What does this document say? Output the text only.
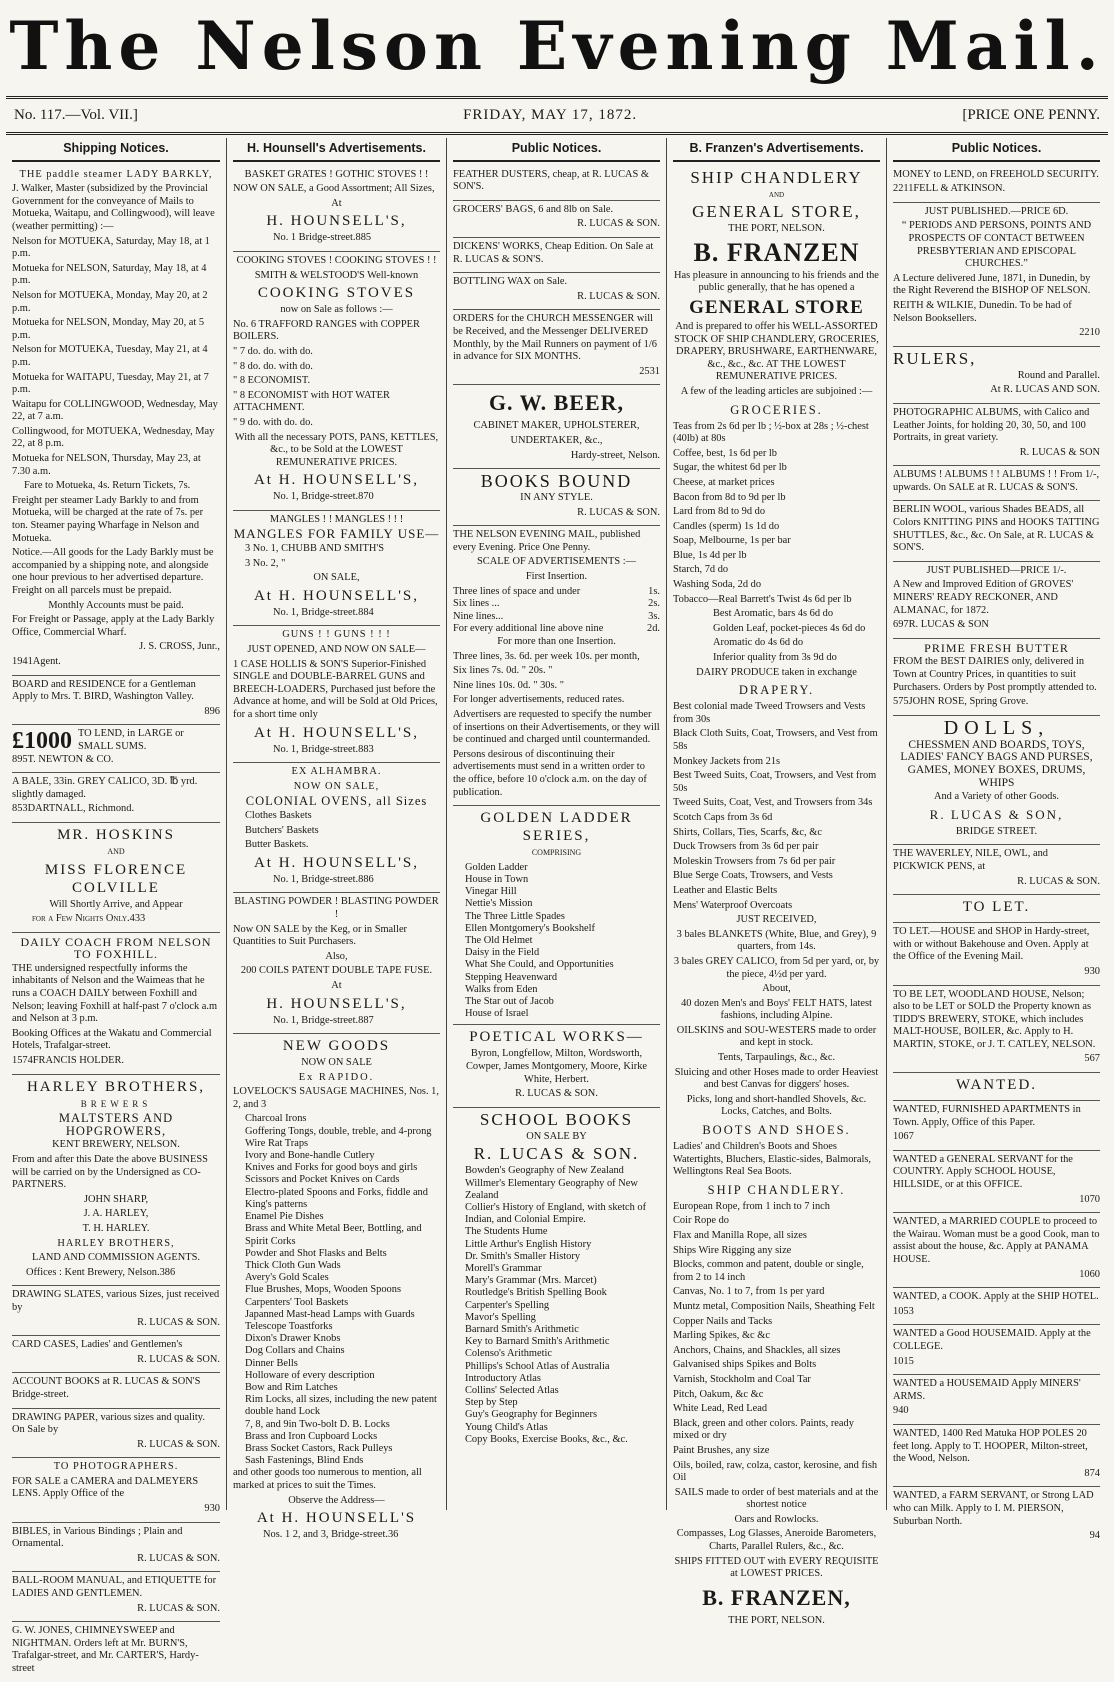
The Nelson Evening Mail.
No. 117.—Vol. VII.]	FRIDAY, MAY 17, 1872.	[PRICE ONE PENNY.
Shipping Notices.

THE paddle steamer LADY BARKLY,

J. Walker, Master (subsidized by the Provincial Government for the conveyance of Mails to Motueka, Waitapu, and Collingwood), will leave (weather permitting) :—

Nelson for MOTUEKA, Saturday, May 18, at 1 p.m.

Motueka for NELSON, Saturday, May 18, at 4 p.m.

Nelson for MOTUEKA, Monday, May 20, at 2 p.m.

Motueka for NELSON, Monday, May 20, at 5 p.m.

Nelson for MOTUEKA, Tuesday, May 21, at 4 p.m.

Motueka for WAITAPU, Tuesday, May 21, at 7 p.m.

Waitapu for COLLINGWOOD, Wednesday, May 22, at 7 a.m.

Collingwood, for MOTUEKA, Wednesday, May 22, at 8 p.m.

Motueka for NELSON, Thursday, May 23, at 7.30 a.m.

Fare to Motueka, 4s. Return Tickets, 7s.

Freight per steamer Lady Barkly to and from Motueka, will be charged at the rate of 7s. per ton. Steamer paying Wharfage in Nelson and Motueka.

Notice.—All goods for the Lady Barkly must be accompanied by a shipping note, and alongside one hour previous to her advertised departure. Freight on all parcels must be prepaid.

Monthly Accounts must be paid.

For Freight or Passage, apply at the Lady Barkly Office, Commercial Wharf.

J. S. CROSS, Junr.,

1941Agent.

BOARD and RESIDENCE for a Gentleman Apply to Mrs. T. BIRD, Washington Valley.

896

£1000 TO LEND, in LARGE or SMALL SUMS.

895T. NEWTON & CO.

A BALE, 33in. GREY CALICO, 3D. ℔ yrd. slightly damaged.

853DARTNALL, Richmond.

MR. HOSKINS

AND

MISS FLORENCE COLVILLE

Will Shortly Arrive, and Appear

for a Few Nights Only.433

DAILY COACH FROM NELSON TO FOXHILL.

THE undersigned respectfully informs the inhabitants of Nelson and the Waimeas that he runs a COACH DAILY between Foxhill and Nelson; leaving Foxhill at half-past 7 o'clock a.m and Nelson at 3 p.m.

Booking Offices at the Wakatu and Commercial Hotels, Trafalgar-street.

1574FRANCIS HOLDER.

HARLEY BROTHERS,

BREWERS

MALTSTERS AND HOPGROWERS,

KENT BREWERY, NELSON.

From and after this Date the above BUSINESS will be carried on by the Undersigned as CO-PARTNERS.

JOHN SHARP,

J. A. HARLEY,

T. H. HARLEY.

HARLEY BROTHERS,

LAND AND COMMISSION AGENTS.

Offices : Kent Brewery, Nelson.386

DRAWING SLATES, various Sizes, just received by

R. LUCAS & SON.

CARD CASES, Ladies' and Gentlemen's

R. LUCAS & SON.

ACCOUNT BOOKS at R. LUCAS & SON'S Bridge-street.

DRAWING PAPER, various sizes and quality. On Sale by

R. LUCAS & SON.

TO PHOTOGRAPHERS.

FOR SALE a CAMERA and DALMEYERS LENS. Apply Office of the

930

BIBLES, in Various Bindings ; Plain and Ornamental.

R. LUCAS & SON.

BALL-ROOM MANUAL, and ETIQUETTE for LADIES AND GENTLEMEN.

R. LUCAS & SON.

G. W. JONES, CHIMNEYSWEEP and NIGHTMAN. Orders left at Mr. BURN'S, Trafalgar-street, and Mr. CARTER'S, Hardy-street

H. Hounsell's Advertisements.

BASKET GRATES ! GOTHIC STOVES ! !

NOW ON SALE, a Good Assortment; All Sizes,

At

H. HOUNSELL'S,

No. 1 Bridge-street.885

COOKING STOVES ! COOKING STOVES ! !

SMITH & WELSTOOD'S Well-known

COOKING STOVES

now on Sale as follows :—

No. 6 TRAFFORD RANGES with COPPER BOILERS.

" 7 do. do. with do.

" 8 do. do. with do.

" 8 ECONOMIST.

" 8 ECONOMIST with HOT WATER ATTACHMENT.

" 9 do. with do. do.

With all the necessary POTS, PANS, KETTLES, &c., to be Sold at the LOWEST REMUNERATIVE PRICES.

At H. HOUNSELL'S,

No. 1, Bridge-street.870

MANGLES ! ! MANGLES ! ! !

MANGLES FOR FAMILY USE—

3 No. 1, CHUBB AND SMITH'S

3 No. 2, "

ON SALE,

At H. HOUNSELL'S,

No. 1, Bridge-street.884

GUNS ! ! GUNS ! ! !

JUST OPENED, AND NOW ON SALE—

1 CASE HOLLIS & SON'S Superior-Finished SINGLE and DOUBLE-BARREL GUNS and BREECH-LOADERS, Purchased just before the Advance at home, and will be Sold at Old Prices, for a short time only

At H. HOUNSELL'S,

No. 1, Bridge-street.883

EX ALHAMBRA.

NOW ON SALE,

COLONIAL OVENS, all Sizes

Clothes Baskets

Butchers' Baskets

Butter Baskets.

At H. HOUNSELL'S,

No. 1, Bridge-street.886

BLASTING POWDER ! BLASTING POWDER !

Now ON SALE by the Keg, or in Smaller Quantities to Suit Purchasers.

Also,

200 COILS PATENT DOUBLE TAPE FUSE.

At

H. HOUNSELL'S,

No. 1, Bridge-street.887

NEW GOODS

NOW ON SALE

Ex RAPIDO.

LOVELOCK'S SAUSAGE MACHINES, Nos. 1, 2, and 3

Charcoal Irons

Goffering Tongs, double, treble, and 4-prong

Wire Rat Traps

Ivory and Bone-handle Cutlery

Knives and Forks for good boys and girls

Scissors and Pocket Knives on Cards

Electro-plated Spoons and Forks, fiddle and King's patterns

Enamel Pie Dishes

Brass and White Metal Beer, Bottling, and Spirit Corks

Powder and Shot Flasks and Belts

Thick Cloth Gun Wads

Avery's Gold Scales

Flue Brushes, Mops, Wooden Spoons

Carpenters' Tool Baskets

Japanned Mast-head Lamps with Guards

Telescope Toastforks

Dixon's Drawer Knobs

Dog Collars and Chains

Dinner Bells

Holloware of every description

Bow and Rim Latches

Rim Locks, all sizes, including the new patent double hand Lock

7, 8, and 9in Two-bolt D. B. Locks

Brass and Iron Cupboard Locks

Brass Socket Castors, Rack Pulleys

Sash Fastenings, Blind Ends

and other goods too numerous to mention, all marked at prices to suit the Times.

Observe the Address—

At H. HOUNSELL'S

Nos. 1 2, and 3, Bridge-street.36

Public Notices.

FEATHER DUSTERS, cheap, at R. LUCAS & SON'S.

GROCERS' BAGS, 6 and 8lb on Sale.

R. LUCAS & SON.

DICKENS' WORKS, Cheap Edition. On Sale at R. LUCAS & SON'S.

BOTTLING WAX on Sale.

R. LUCAS & SON.

ORDERS for the CHURCH MESSENGER will be Received, and the Messenger DELIVERED Monthly, by the Mail Runners on payment of 1/6 in advance for SIX MONTHS.

2531

G. W. BEER,

CABINET MAKER, UPHOLSTERER,

UNDERTAKER, &c.,

Hardy-street, Nelson.

BOOKS BOUND

IN ANY STYLE.

R. LUCAS & SON.

THE NELSON EVENING MAIL, published every Evening. Price One Penny.

SCALE OF ADVERTISEMENTS :—

First Insertion.

Three lines of space and under	1s.

Six lines ...	2s.

Nine lines...	3s.

For every additional line above nine	2d.

For more than one Insertion.

Three lines, 3s. 6d. per week 10s. per month,

Six lines 7s. 0d. " 20s. "

Nine lines 10s. 0d. " 30s. "

For longer advertisements, reduced rates.

Advertisers are requested to specify the number of insertions on their Advertisements, or they will be continued and charged until countermanded.

Persons desirous of discontinuing their advertisements must send in a written order to the office, before 10 o'clock a.m. on the day of publication.

GOLDEN LADDER SERIES,

COMPRISING

Golden Ladder

House in Town

Vinegar Hill

Nettie's Mission

The Three Little Spades

Ellen Montgomery's Bookshelf

The Old Helmet

Daisy in the Field

What She Could, and Opportunities

Stepping Heavenward

Walks from Eden

The Star out of Jacob

House of Israel

POETICAL WORKS—

Byron, Longfellow, Milton, Wordsworth, Cowper, James Montgomery, Moore, Kirke White, Herbert.

R. LUCAS & SON.

SCHOOL BOOKS

ON SALE BY

R. LUCAS & SON.

Bowden's Geography of New Zealand

Willmer's Elementary Geography of New Zealand

Collier's History of England, with sketch of Indian, and Colonial Empire.

The Students Hume

Little Arthur's English History

Dr. Smith's Smaller History

Morell's Grammar

Mary's Grammar (Mrs. Marcet)

Routledge's British Spelling Book

Carpenter's Spelling

Mavor's Spelling

Barnard Smith's Arithmetic

Key to Barnard Smith's Arithmetic

Colenso's Arithmetic

Phillips's School Atlas of Australia

Introductory Atlas

Collins' Selected Atlas

Step by Step

Guy's Geography for Beginners

Young Child's Atlas

Copy Books, Exercise Books, &c., &c.

B. Franzen's Advertisements.

SHIP CHANDLERY

AND

GENERAL STORE,

THE PORT, NELSON.

B. FRANZEN

Has pleasure in announcing to his friends and the public generally, that he has opened a

GENERAL STORE

And is prepared to offer his WELL-ASSORTED STOCK OF SHIP CHANDLERY, GROCERIES, DRAPERY, BRUSHWARE, EARTHENWARE, &c., &c., &c. AT THE LOWEST REMUNERATIVE PRICES.

A few of the leading articles are subjoined :—

GROCERIES.

Teas from 2s 6d per lb ; ½-box at 28s ; ½-chest (40lb) at 80s

Coffee, best, 1s 6d per lb

Sugar, the whitest 6d per lb

Cheese, at market prices

Bacon from 8d to 9d per lb

Lard from 8d to 9d do

Candles (sperm) 1s 1d do

Soap, Melbourne, 1s per bar

Blue, 1s 4d per lb

Starch, 7d do

Washing Soda, 2d do

Tobacco—Real Barrett's Twist 4s 6d per lb

Best Aromatic, bars 4s 6d do

Golden Leaf, pocket-pieces 4s 6d do

Aromatic do 4s 6d do

Inferior quality from 3s 9d do

DAIRY PRODUCE taken in exchange

DRAPERY.

Best colonial made Tweed Trowsers and Vests from 30s

Black Cloth Suits, Coat, Trowsers, and Vest from 58s

Monkey Jackets from 21s

Best Tweed Suits, Coat, Trowsers, and Vest from 50s

Tweed Suits, Coat, Vest, and Trowsers from 34s

Scotch Caps from 3s 6d

Shirts, Collars, Ties, Scarfs, &c, &c

Duck Trowsers from 3s 6d per pair

Moleskin Trowsers from 7s 6d per pair

Blue Serge Coats, Trowsers, and Vests

Leather and Elastic Belts

Mens' Waterproof Overcoats

JUST RECEIVED,

3 bales BLANKETS (White, Blue, and Grey), 9 quarters, from 14s.

3 bales GREY CALICO, from 5d per yard, or, by the piece, 4½d per yard.

About,

40 dozen Men's and Boys' FELT HATS, latest fashions, including Alpine.

OILSKINS and SOU-WESTERS made to order and kept in stock.

Tents, Tarpaulings, &c., &c.

Sluicing and other Hoses made to order Heaviest and best Canvas for diggers' hoses.

Picks, long and short-handled Shovels, &c. Locks, Catches, and Bolts.

BOOTS AND SHOES.

Ladies' and Children's Boots and Shoes Watertights, Bluchers, Elastic-sides, Balmorals, Wellingtons Real Sea Boots.

SHIP CHANDLERY.

European Rope, from 1 inch to 7 inch

Coir Rope do

Flax and Manilla Rope, all sizes

Ships Wire Rigging any size

Blocks, common and patent, double or single, from 2 to 14 inch

Canvas, No. 1 to 7, from 1s per yard

Muntz metal, Composition Nails, Sheathing Felt

Copper Nails and Tacks

Marling Spikes, &c &c

Anchors, Chains, and Shackles, all sizes

Galvanised ships Spikes and Bolts

Varnish, Stockholm and Coal Tar

Pitch, Oakum, &c &c

White Lead, Red Lead

Black, green and other colors. Paints, ready mixed or dry

Paint Brushes, any size

Oils, boiled, raw, colza, castor, kerosine, and fish Oil

SAILS made to order of best materials and at the shortest notice

Oars and Rowlocks.

Compasses, Log Glasses, Aneroide Barometers, Charts, Parallel Rulers, &c., &c.

SHIPS FITTED OUT with EVERY REQUISITE at LOWEST PRICES.

B. FRANZEN,

THE PORT, NELSON.

Public Notices.

MONEY to LEND, on FREEHOLD SECURITY.

2211FELL & ATKINSON.

JUST PUBLISHED.—PRICE 6D.

“ PERIODS AND PERSONS, POINTS AND PROSPECTS OF CONTACT BETWEEN PRESBYTERIAN AND EPISCOPAL CHURCHES.”

A Lecture delivered June, 1871, in Dunedin, by the Right Reverend the BISHOP OF NELSON.

REITH & WILKIE, Dunedin. To be had of Nelson Booksellers.

2210

RULERS,

Round and Parallel.

At R. LUCAS AND SON.

PHOTOGRAPHIC ALBUMS, with Calico and Leather Joints, for holding 20, 30, 50, and 100 Portraits, in great variety.

R. LUCAS & SON

ALBUMS ! ALBUMS ! ! ALBUMS ! ! From 1/-, upwards. On SALE at R. LUCAS & SON'S.

BERLIN WOOL, various Shades BEADS, all Colors KNITTING PINS and HOOKS TATTING SHUTTLES, &c., &c. On Sale, at R. LUCAS & SON'S.

JUST PUBLISHED—PRICE 1/-.

A New and Improved Edition of GROVES' MINERS' READY RECKONER, AND ALMANAC, for 1872.

697R. LUCAS & SON

PRIME FRESH BUTTER

FROM the BEST DAIRIES only, delivered in Town at Country Prices, in quantities to suit Purchasers. Orders by Post promptly attended to.

575JOHN ROSE, Spring Grove.

DOLLS,

CHESSMEN AND BOARDS, TOYS, LADIES' FANCY BAGS AND PURSES, GAMES, MONEY BOXES, DRUMS, WHIPS

And a Variety of other Goods.

R. LUCAS & SON,

BRIDGE STREET.

THE WAVERLEY, NILE, OWL, and PICKWICK PENS, at

R. LUCAS & SON.

TO LET.

TO LET.—HOUSE and SHOP in Hardy-street, with or without Bakehouse and Oven. Apply at the Office of the Evening Mail.

930

TO BE LET, WOODLAND HOUSE, Nelson; also to be LET or SOLD the Property known as TIDD'S BREWERY, STOKE, which includes MALT-HOUSE, BOILER, &c. Apply to H. MARTIN, STOKE, or J. T. CATLEY, NELSON.

567

WANTED.

WANTED, FURNISHED APARTMENTS in Town. Apply, Office of this Paper.

1067

WANTED a GENERAL SERVANT for the COUNTRY. Apply SCHOOL HOUSE, HILLSIDE, or at this OFFICE.

1070

WANTED, a MARRIED COUPLE to proceed to the Wairau. Woman must be a good Cook, man to assist about the house, &c. Apply at PANAMA HOUSE.

1060

WANTED, a COOK. Apply at the SHIP HOTEL.

1053

WANTED a Good HOUSEMAID. Apply at the COLLEGE.

1015

WANTED a HOUSEMAID Apply MINERS' ARMS.

940

WANTED, 1400 Red Matuka HOP POLES 20 feet long. Apply to T. HOOPER, Milton-street, the Wood, Nelson.

874

WANTED, a FARM SERVANT, or Strong LAD who can Milk. Apply to I. M. PIERSON, Suburban North.

94
